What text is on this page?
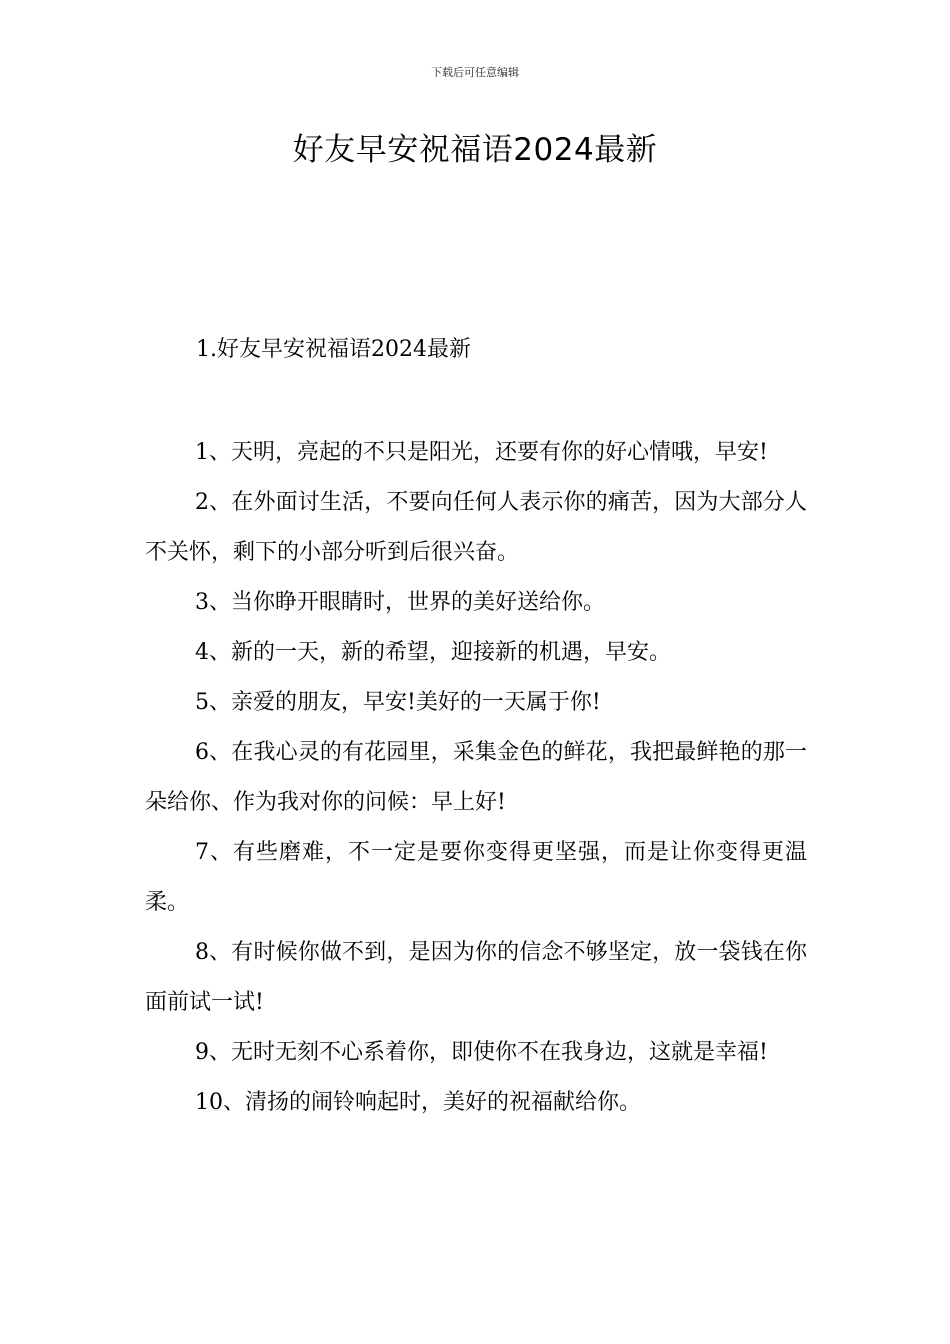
下载后可任意编辑
好友早安祝福语2024最新
1.好友早安祝福语2024最新
1、天明，亮起的不只是阳光，还要有你的好心情哦，早安!
2、在外面讨生活，不要向任何人表示你的痛苦，因为大部分人不关怀，剩下的小部分听到后很兴奋。
3、当你睁开眼睛时，世界的美好送给你。
4、新的一天，新的希望，迎接新的机遇，早安。
5、亲爱的朋友，早安!美好的一天属于你!
6、在我心灵的有花园里，采集金色的鲜花，我把最鲜艳的那一朵给你、作为我对你的问候：早上好!
7、有些磨难，不一定是要你变得更坚强，而是让你变得更温柔。
8、有时候你做不到，是因为你的信念不够坚定，放一袋钱在你面前试一试!
9、无时无刻不心系着你，即使你不在我身边，这就是幸福!
10、清扬的闹铃响起时，美好的祝福献给你。
